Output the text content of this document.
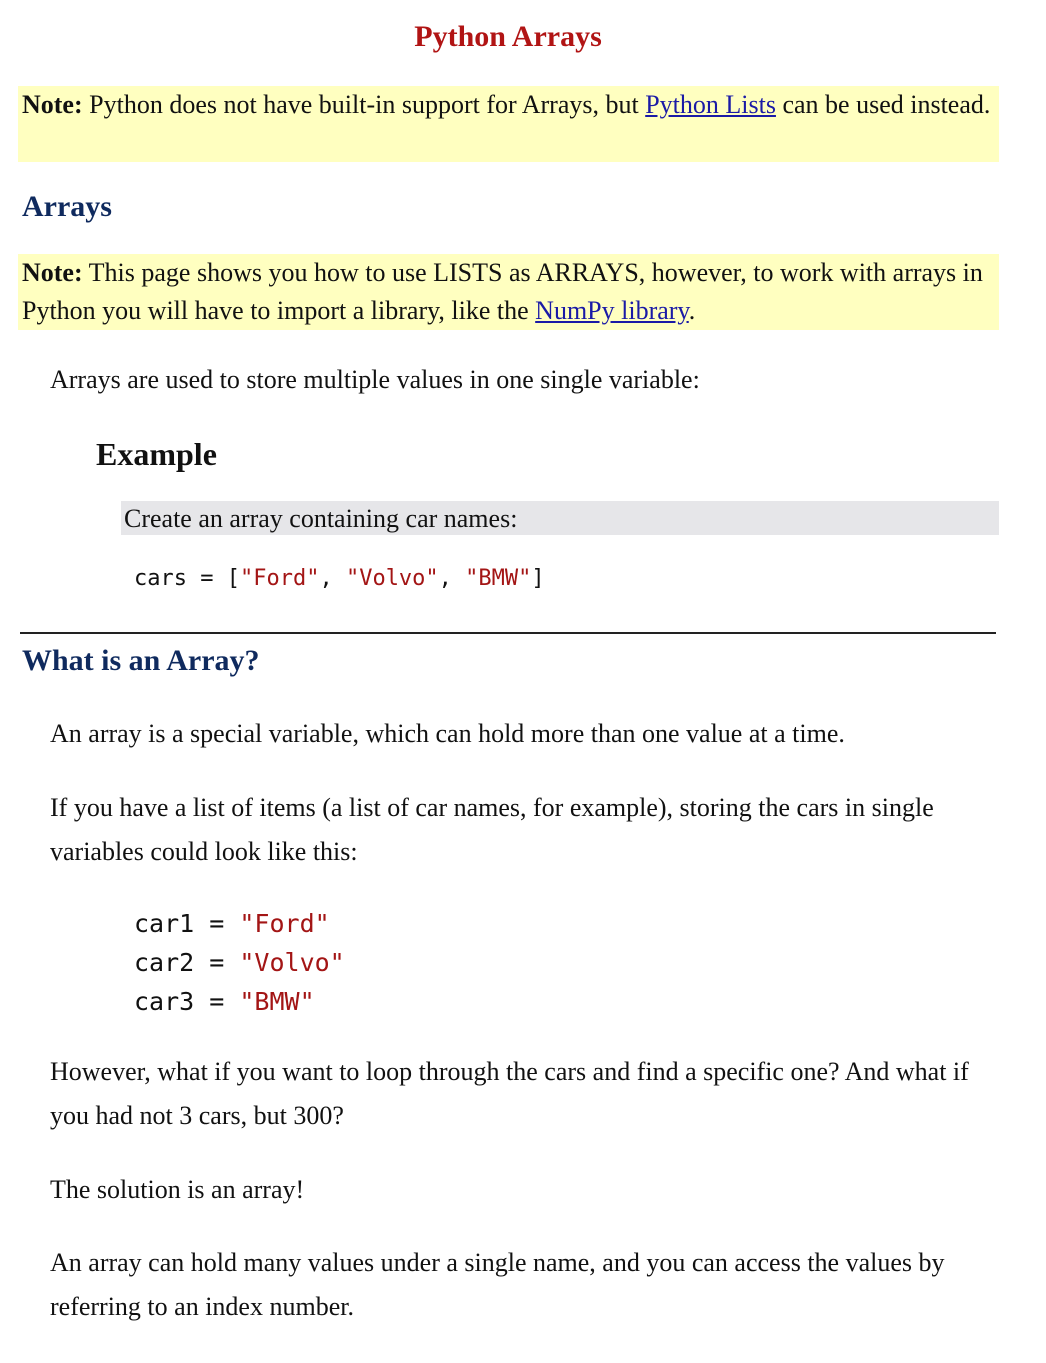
Python Arrays
Note: Python does not have built-in support for Arrays, but Python Lists can be used instead.
Arrays
Note: This page shows you how to use LISTS as ARRAYS, however, to work with arrays in Python you will have to import a library, like the NumPy library.
Arrays are used to store multiple values in one single variable:
Example
Create an array containing car names:
cars = ["Ford", "Volvo", "BMW"]
What is an Array?
An array is a special variable, which can hold more than one value at a time.
If you have a list of items (a list of car names, for example), storing the cars in single variables could look like this:
car1 = "Ford"
car2 = "Volvo"
car3 = "BMW"
However, what if you want to loop through the cars and find a specific one? And what if you had not 3 cars, but 300?
The solution is an array!
An array can hold many values under a single name, and you can access the values by referring to an index number.
